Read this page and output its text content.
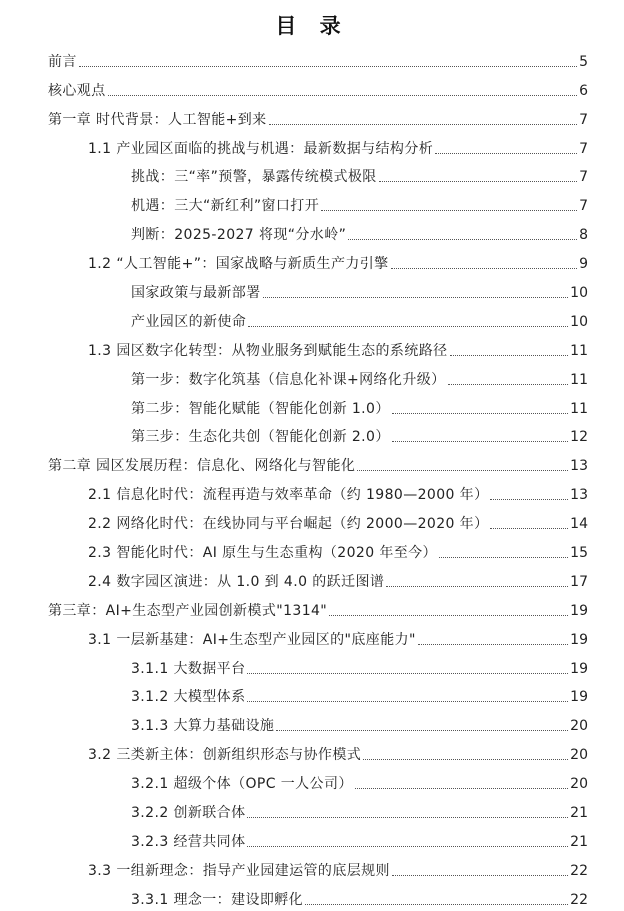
目 录
前言	5
核心观点	6
第一章 时代背景：人工智能+到来	7
1.1 产业园区面临的挑战与机遇：最新数据与结构分析	7
挑战：三“率”预警，暴露传统模式极限	7
机遇：三大“新红利”窗口打开	7
判断：2025-2027 将现“分水岭”	8
1.2 “人工智能+”：国家战略与新质生产力引擎	9
国家政策与最新部署	10
产业园区的新使命	10
1.3 园区数字化转型：从物业服务到赋能生态的系统路径	11
第一步：数字化筑基（信息化补课+网络化升级）	11
第二步：智能化赋能（智能化创新 1.0）	11
第三步：生态化共创（智能化创新 2.0）	12
第二章 园区发展历程：信息化、网络化与智能化	13
2.1 信息化时代：流程再造与效率革命（约 1980—2000 年）	13
2.2 网络化时代：在线协同与平台崛起（约 2000—2020 年）	14
2.3 智能化时代：AI 原生与生态重构（2020 年至今）	15
2.4 数字园区演进：从 1.0 到 4.0 的跃迁图谱	17
第三章：AI+生态型产业园创新模式"1314"	19
3.1 一层新基建：AI+生态型产业园区的"底座能力"	19
3.1.1 大数据平台	19
3.1.2 大模型体系	19
3.1.3 大算力基础设施	20
3.2 三类新主体：创新组织形态与协作模式	20
3.2.1 超级个体（OPC 一人公司）	20
3.2.2 创新联合体	21
3.2.3 经营共同体	21
3.3 一组新理念：指导产业园建运管的底层规则	22
3.3.1 理念一：建设即孵化	22
